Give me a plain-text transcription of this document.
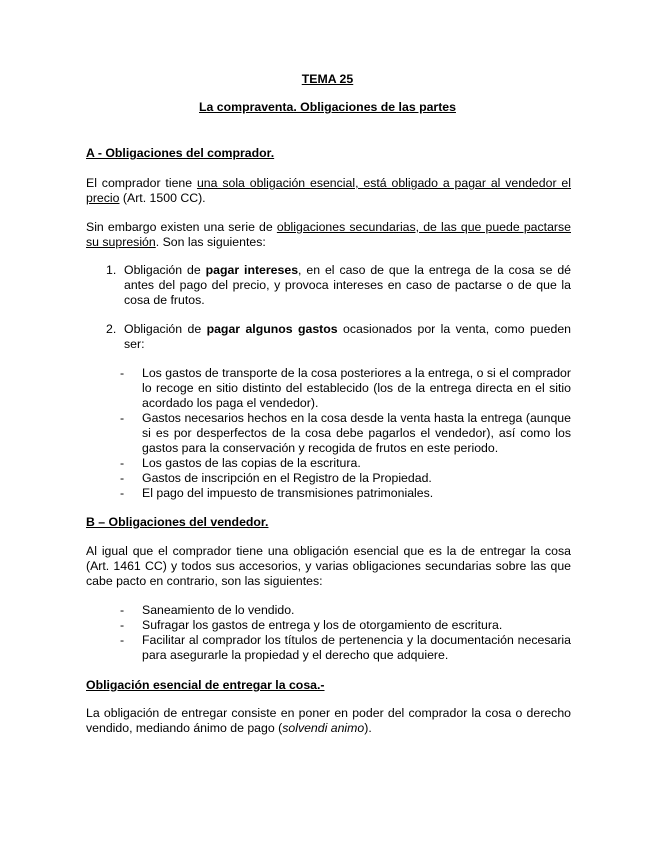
TEMA 25
La compraventa. Obligaciones de las partes
A - Obligaciones del comprador.
El comprador tiene una sola obligación esencial, está obligado a pagar al vendedor el precio (Art. 1500 CC).
Sin embargo existen una serie de obligaciones secundarias, de las que puede pactarse su supresión. Son las siguientes:
1. Obligación de pagar intereses, en el caso de que la entrega de la cosa se dé antes del pago del precio, y provoca intereses en caso de pactarse o de que la cosa de frutos.
2. Obligación de pagar algunos gastos ocasionados por la venta, como pueden ser:
- Los gastos de transporte de la cosa posteriores a la entrega, o si el comprador lo recoge en sitio distinto del establecido (los de la entrega directa en el sitio acordado los paga el vendedor).
- Gastos necesarios hechos en la cosa desde la venta hasta la entrega (aunque si es por desperfectos de la cosa debe pagarlos el vendedor), así como los gastos para la conservación y recogida de frutos en este periodo.
- Los gastos de las copias de la escritura.
- Gastos de inscripción en el Registro de la Propiedad.
- El pago del impuesto de transmisiones patrimoniales.
B – Obligaciones del vendedor.
Al igual que el comprador tiene una obligación esencial que es la de entregar la cosa (Art. 1461 CC) y todos sus accesorios, y varias obligaciones secundarias sobre las que cabe pacto en contrario, son las siguientes:
- Saneamiento de lo vendido.
- Sufragar los gastos de entrega y los de otorgamiento de escritura.
- Facilitar al comprador los títulos de pertenencia y la documentación necesaria para asegurarle la propiedad y el derecho que adquiere.
Obligación esencial de entregar la cosa.-
La obligación de entregar consiste en poner en poder del comprador la cosa o derecho vendido, mediando ánimo de pago (solvendi animo).
